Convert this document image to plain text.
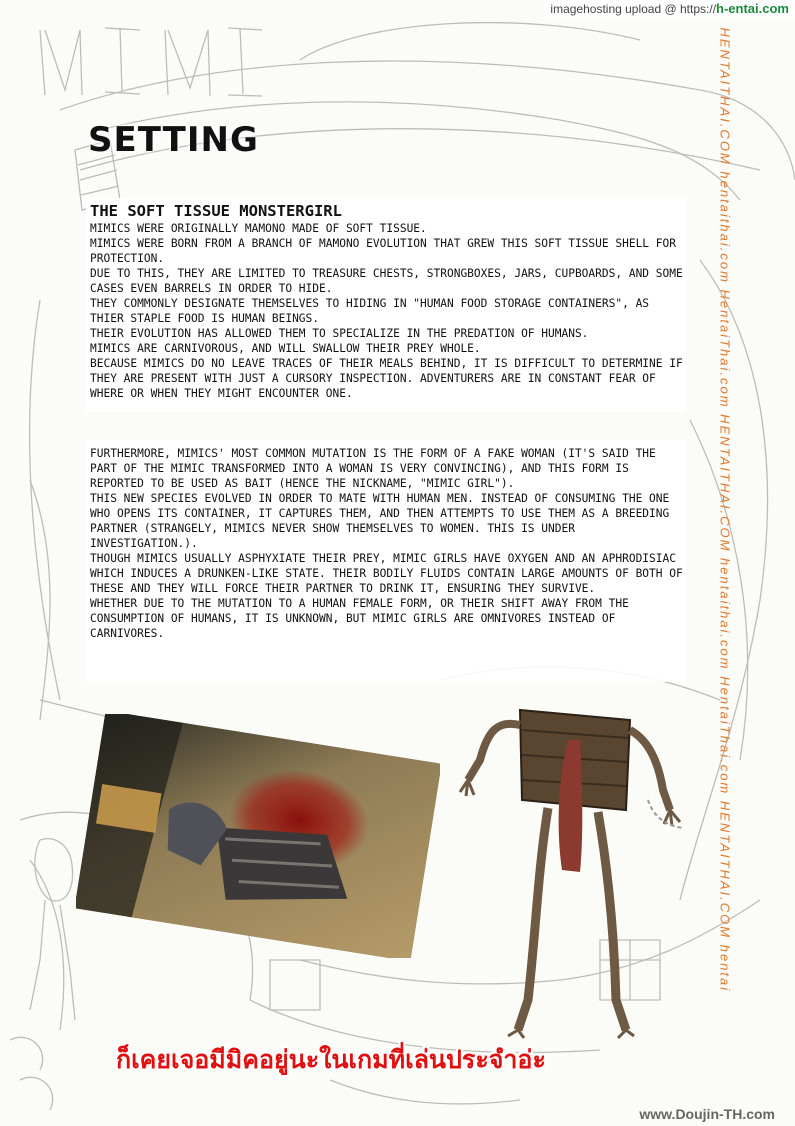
imagehosting upload @ https://h-entai.com
SETTING
THE SOFT TISSUE MONSTERGIRL
MIMICS WERE ORIGINALLY MAMONO MADE OF SOFT TISSUE.
MIMICS WERE BORN FROM A BRANCH OF MAMONO EVOLUTION THAT GREW THIS SOFT TISSUE SHELL FOR PROTECTION.
DUE TO THIS, THEY ARE LIMITED TO TREASURE CHESTS, STRONGBOXES, JARS, CUPBOARDS, AND SOME CASES EVEN BARRELS IN ORDER TO HIDE.
THEY COMMONLY DESIGNATE THEMSELVES TO HIDING IN "HUMAN FOOD STORAGE CONTAINERS", AS THIER STAPLE FOOD IS HUMAN BEINGS.
THEIR EVOLUTION HAS ALLOWED THEM TO SPECIALIZE IN THE PREDATION OF HUMANS.
MIMICS ARE CARNIVOROUS, AND WILL SWALLOW THEIR PREY WHOLE.
BECAUSE MIMICS DO NO LEAVE TRACES OF THEIR MEALS BEHIND, IT IS DIFFICULT TO DETERMINE IF THEY ARE PRESENT WITH JUST A CURSORY INSPECTION. ADVENTURERS ARE IN CONSTANT FEAR OF WHERE OR WHEN THEY MIGHT ENCOUNTER ONE.
FURTHERMORE, MIMICS' MOST COMMON MUTATION IS THE FORM OF A FAKE WOMAN (IT'S SAID THE PART OF THE MIMIC TRANSFORMED INTO A WOMAN IS VERY CONVINCING), AND THIS FORM IS REPORTED TO BE USED AS BAIT (HENCE THE NICKNAME, "MIMIC GIRL").
THIS NEW SPECIES EVOLVED IN ORDER TO MATE WITH HUMAN MEN. INSTEAD OF CONSUMING THE ONE WHO OPENS ITS CONTAINER, IT CAPTURES THEM, AND THEN ATTEMPTS TO USE THEM AS A BREEDING PARTNER (STRANGELY, MIMICS NEVER SHOW THEMSELVES TO WOMEN. THIS IS UNDER INVESTIGATION.).
THOUGH MIMICS USUALLY ASPHYXIATE THEIR PREY, MIMIC GIRLS HAVE OXYGEN AND AN APHRODISIAC WHICH INDUCES A DRUNKEN-LIKE STATE. THEIR BODILY FLUIDS CONTAIN LARGE AMOUNTS OF BOTH OF THESE AND THEY WILL FORCE THEIR PARTNER TO DRINK IT, ENSURING THEY SURVIVE.
WHETHER DUE TO THE MUTATION TO A HUMAN FEMALE FORM, OR THEIR SHIFT AWAY FROM THE CONSUMPTION OF HUMANS, IT IS UNKNOWN, BUT MIMIC GIRLS ARE OMNIVORES INSTEAD OF CARNIVORES.	HENTAITHAI.COM hentaithai.com HentaiThai.com HENTAITHAI.COM hentaithai.com HentaiThai.com HENTAITHAI.COM hentai
ก็เคยเจอมีมิคอยู่นะในเกมที่เล่นประจำอ่ะ
www.Doujin-TH.com
